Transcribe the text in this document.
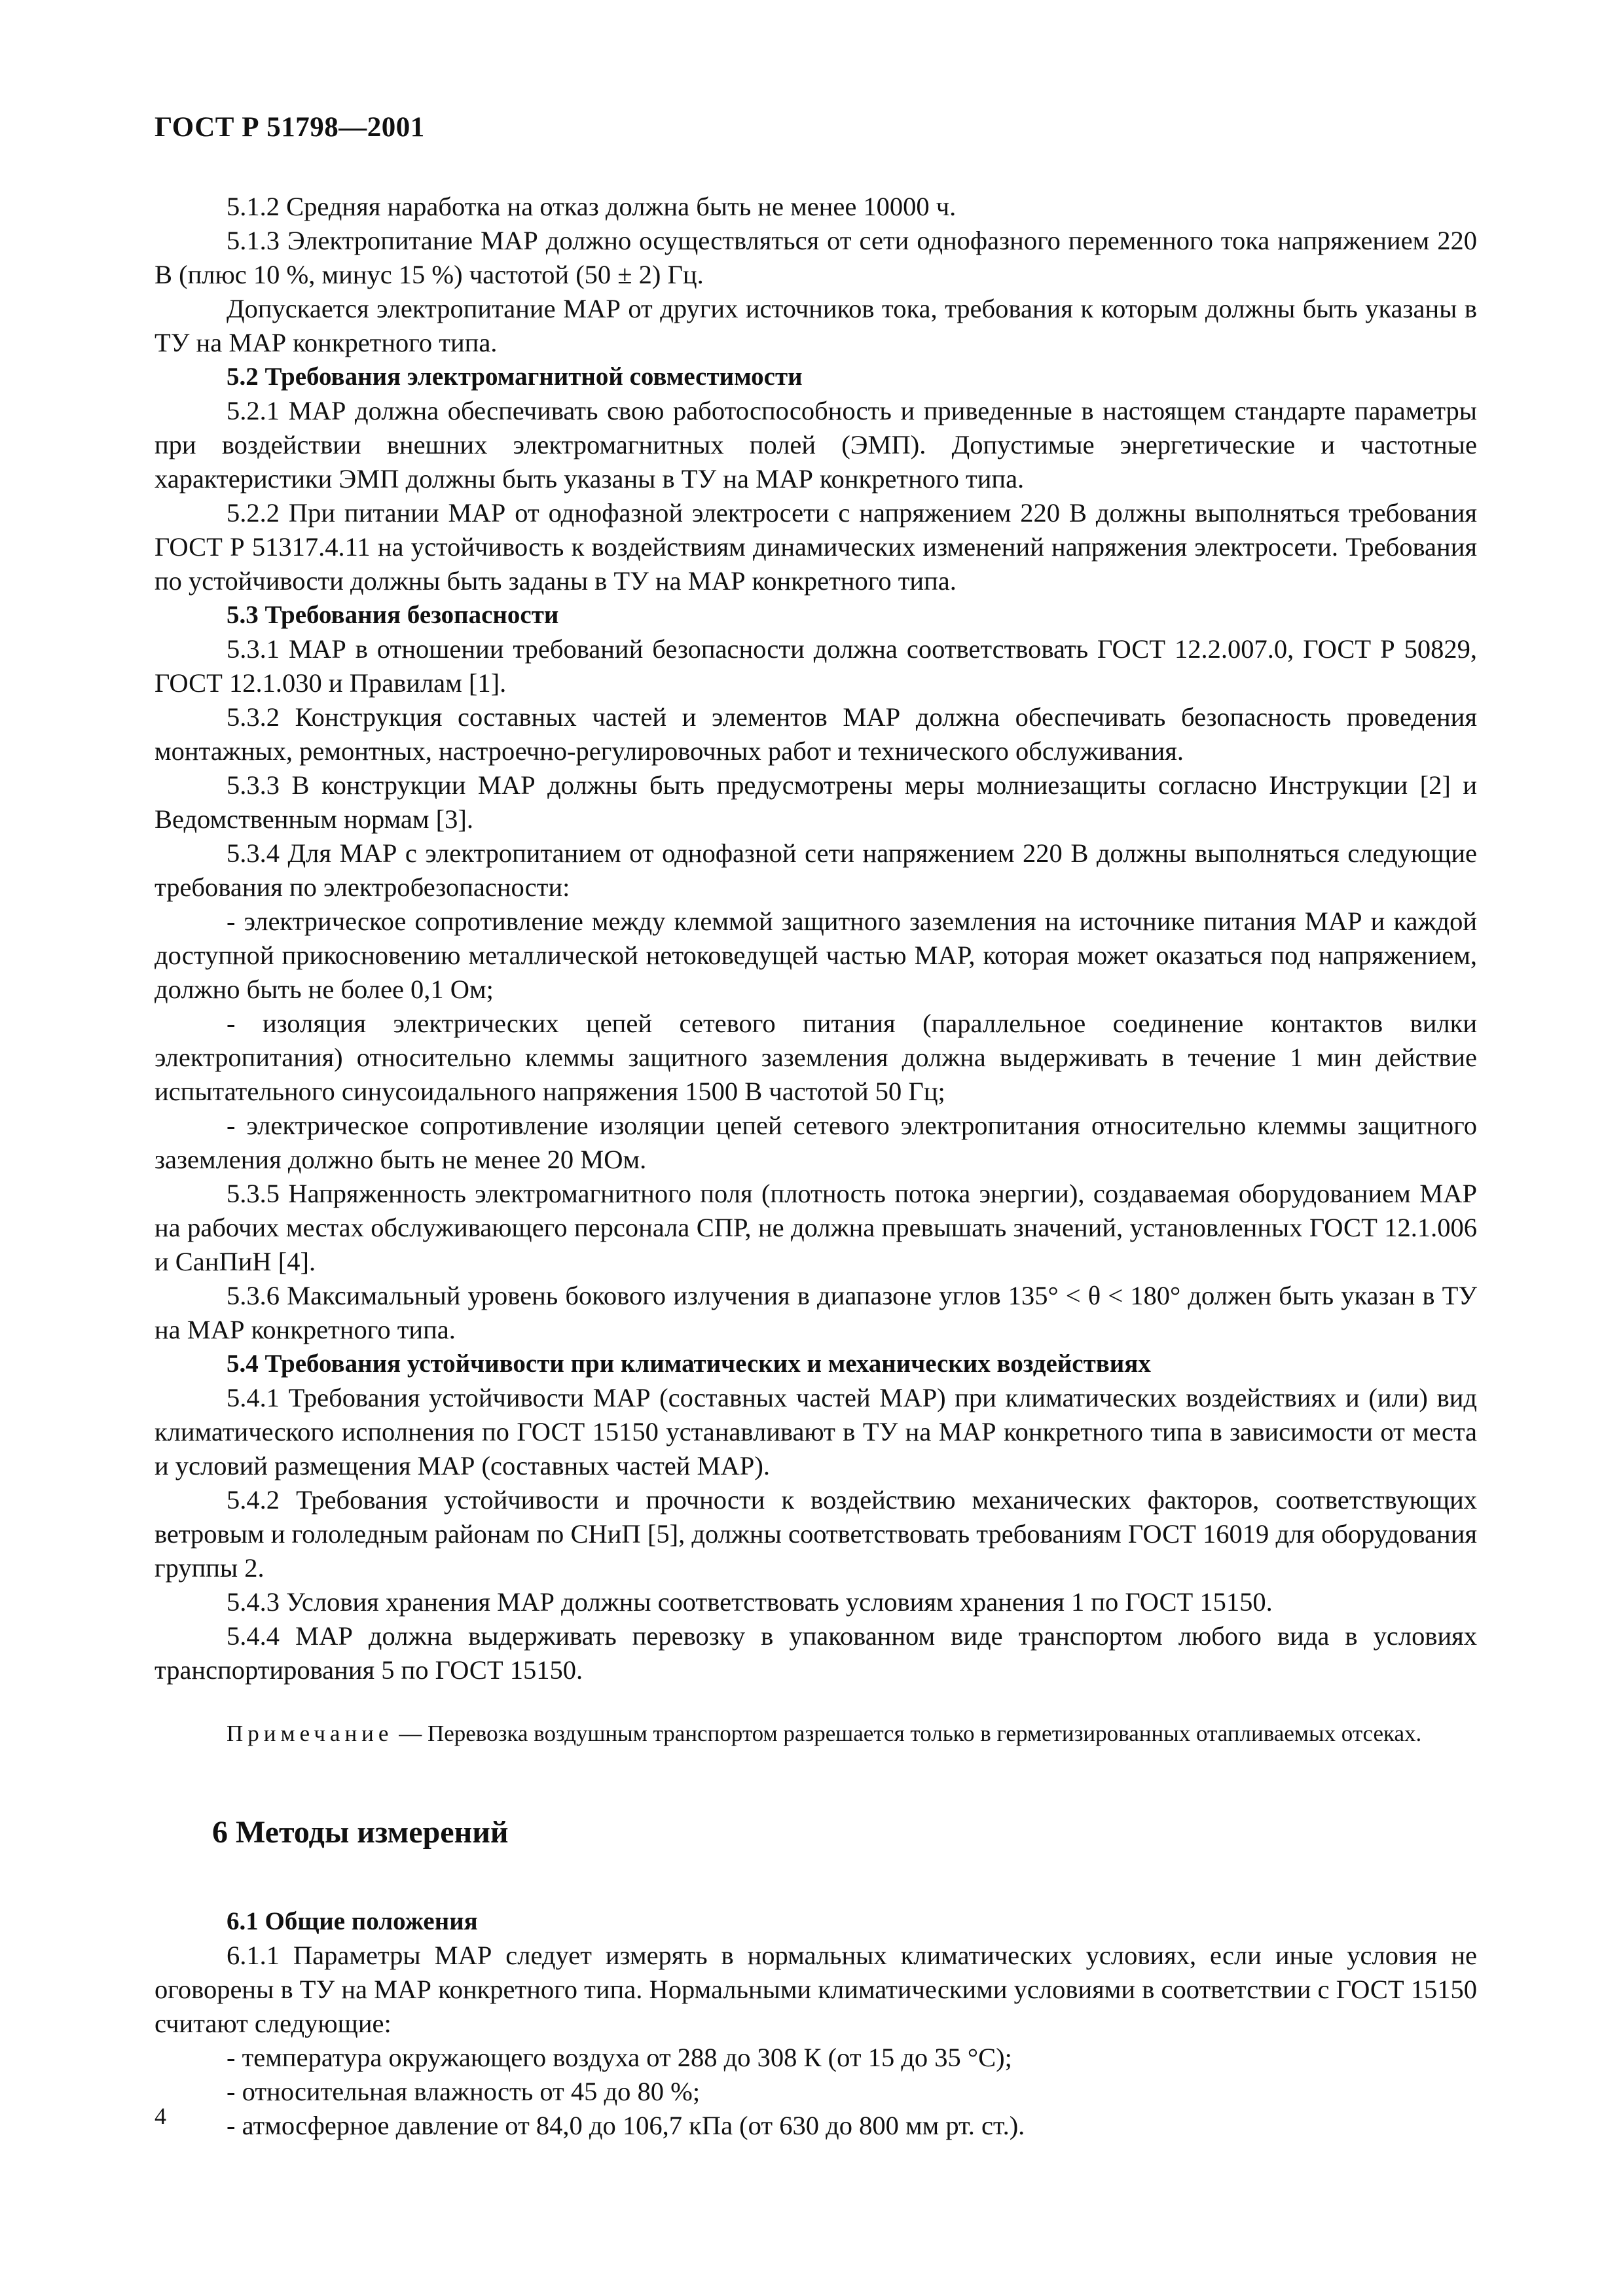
ГОСТ Р 51798—2001

5.1.2 Средняя наработка на отказ должна быть не менее 10000 ч.

5.1.3 Электропитание МАР должно осуществляться от сети однофазного переменного тока напряжением 220 В (плюс 10 %, минус 15 %) частотой (50 ± 2) Гц.

Допускается электропитание МАР от других источников тока, требования к которым должны быть указаны в ТУ на МАР конкретного типа.

5.2 Требования электромагнитной совместимости

5.2.1 МАР должна обеспечивать свою работоспособность и приведенные в настоящем стандарте параметры при воздействии внешних электромагнитных полей (ЭМП). Допустимые энергетические и частотные характеристики ЭМП должны быть указаны в ТУ на МАР конкретного типа.

5.2.2 При питании МАР от однофазной электросети с напряжением 220 В должны выполняться требования ГОСТ Р 51317.4.11 на устойчивость к воздействиям динамических изменений напряжения электросети. Требования по устойчивости должны быть заданы в ТУ на МАР конкретного типа.

5.3 Требования безопасности

5.3.1 МАР в отношении требований безопасности должна соответствовать ГОСТ 12.2.007.0, ГОСТ Р 50829, ГОСТ 12.1.030 и Правилам [1].

5.3.2 Конструкция составных частей и элементов МАР должна обеспечивать безопасность проведения монтажных, ремонтных, настроечно-регулировочных работ и технического обслуживания.

5.3.3 В конструкции МАР должны быть предусмотрены меры молниезащиты согласно Инструкции [2] и Ведомственным нормам [3].

5.3.4 Для МАР с электропитанием от однофазной сети напряжением 220 В должны выполняться следующие требования по электробезопасности:

- электрическое сопротивление между клеммой защитного заземления на источнике питания МАР и каждой доступной прикосновению металлической нетоковедущей частью МАР, которая может оказаться под напряжением, должно быть не более 0,1 Ом;

- изоляция электрических цепей сетевого питания (параллельное соединение контактов вилки электропитания) относительно клеммы защитного заземления должна выдерживать в течение 1 мин действие испытательного синусоидального напряжения 1500 В частотой 50 Гц;

- электрическое сопротивление изоляции цепей сетевого электропитания относительно клеммы защитного заземления должно быть не менее 20 МОм.

5.3.5 Напряженность электромагнитного поля (плотность потока энергии), создаваемая оборудованием МАР на рабочих местах обслуживающего персонала СПР, не должна превышать значений, установленных ГОСТ 12.1.006 и СанПиН [4].

5.3.6 Максимальный уровень бокового излучения в диапазоне углов 135° < θ < 180° должен быть указан в ТУ на МАР конкретного типа.

5.4 Требования устойчивости при климатических и механических воздействиях

5.4.1 Требования устойчивости МАР (составных частей МАР) при климатических воздействиях и (или) вид климатического исполнения по ГОСТ 15150 устанавливают в ТУ на МАР конкретного типа в зависимости от места и условий размещения МАР (составных частей МАР).

5.4.2 Требования устойчивости и прочности к воздействию механических факторов, соответствующих ветровым и гололедным районам по СНиП [5], должны соответствовать требованиям ГОСТ 16019 для оборудования группы 2.

5.4.3 Условия хранения МАР должны соответствовать условиям хранения 1 по ГОСТ 15150.

5.4.4 МАР должна выдерживать перевозку в упакованном виде транспортом любого вида в условиях транспортирования 5 по ГОСТ 15150.

Примечание — Перевозка воздушным транспортом разрешается только в герметизированных отапливаемых отсеках.

6 Методы измерений

6.1 Общие положения

6.1.1 Параметры МАР следует измерять в нормальных климатических условиях, если иные условия не оговорены в ТУ на МАР конкретного типа. Нормальными климатическими условиями в соответствии с ГОСТ 15150 считают следующие:

- температура окружающего воздуха от 288 до 308 К (от 15 до 35 °С);

- относительная влажность от 45 до 80 %;

- атмосферное давление от 84,0 до 106,7 кПа (от 630 до 800 мм рт. ст.).

4
